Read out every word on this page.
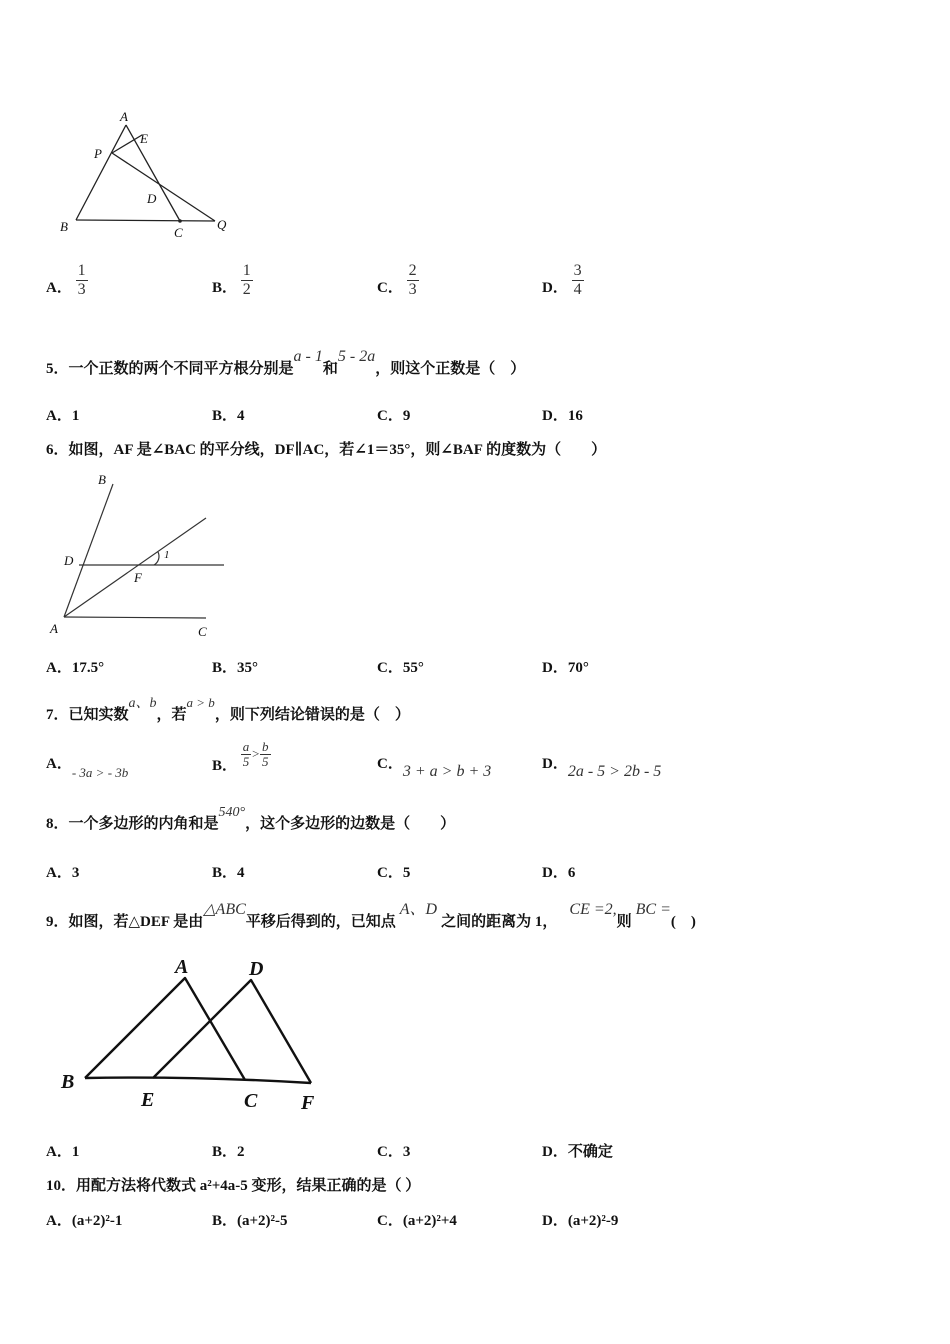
A
E
P
D
B	C
Q
A． $\frac{1}{3}$	B． $\frac{1}{2}$	C． $\frac{2}{3}$	D． $\frac{3}{4}$
5．一个正数的两个不同平方根分别是a - 1和5 - 2a，则这个正数是（　）
A．1	B．4	C．9	D．16
6．如图，AF 是∠BAC 的平分线，DF∥AC，若∠1＝35°，则∠BAF 的度数为（　　）
B
D	1
F
A	C
A．17.5°	B．35°	C．55°	D．70°
7．已知实数a、b，若a > b，则下列结论错误的是（　）
A．- 3a > - 3b	B． $\frac{a}{5} > \frac{b}{5}$	C．3 + a > b + 3	D．2a - 5 > 2b - 5
8．一个多边形的内角和是540°，这个多边形的边数是（　　）
A．3	B．4	C．5	D．6
9．如图，若△DEF 是由△ABC平移后得到的，已知点A、D之间的距离为 1，CE =2,则BC =(　)
A	D
B
E	C F
A．1	B．2	C．3	D．不确定
10．用配方法将代数式 a²+4a-5 变形，结果正确的是（ ）
A．(a+2)²-1	B．(a+2)²-5	C．(a+2)²+4	D．(a+2)²-9
